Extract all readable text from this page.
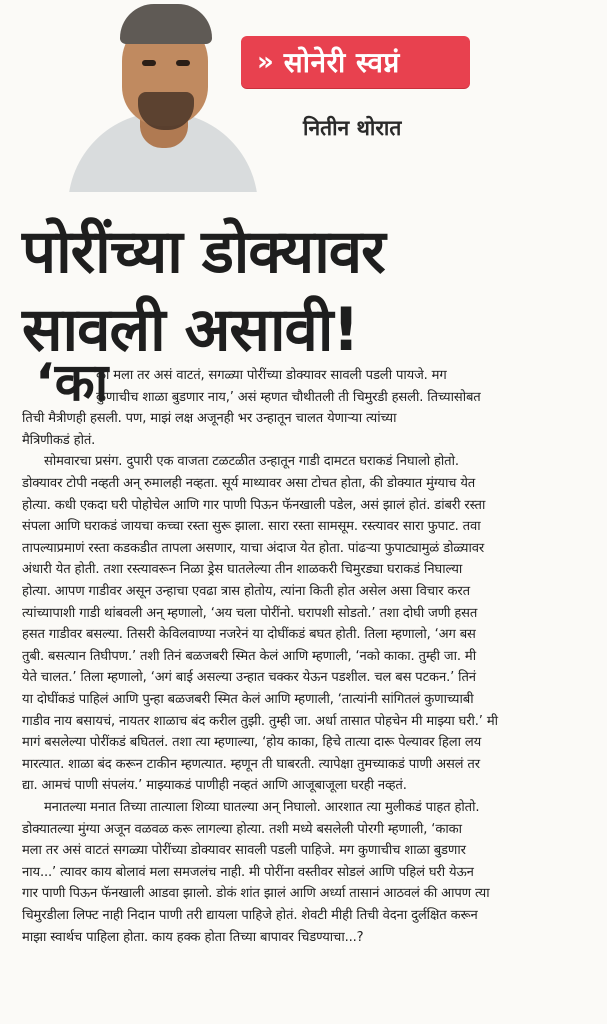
» सोनेरी स्वप्नं
नितीन थोरात
पोरींच्या डोक्यावर
सावली असावी!
‘का
का मला तर असं वाटतं, सगळ्या पोरींच्या डोक्यावर सावली पडली पायजे. मग
कुणाचीच शाळा बुडणार नाय,’ असं म्हणत चौथीतली ती चिमुरडी हसली. तिच्यासोबत
तिची मैत्रीणही हसली. पण, माझं लक्ष अजूनही भर उन्हातून चालत येणाऱ्या त्यांच्या
मैत्रिणीकडं होतं.
सोमवारचा प्रसंग. दुपारी एक वाजता टळटळीत उन्हातून गाडी दामटत घराकडं निघालो होतो.
डोक्यावर टोपी नव्हती अन् रुमालही नव्हता. सूर्य माथ्यावर असा टोचत होता, की डोक्यात मुंग्याच येत
होत्या. कधी एकदा घरी पोहोचेल आणि गार पाणी पिऊन फॅनखाली पडेल, असं झालं होतं. डांबरी रस्ता
संपला आणि घराकडं जायचा कच्चा रस्ता सुरू झाला. सारा रस्ता सामसूम. रस्त्यावर सारा फुपाट. तवा
तापल्याप्रमाणं रस्ता कडकडीत तापला असणार, याचा अंदाज येत होता. पांढऱ्या फुपाट्यामुळं डोळ्यावर
अंधारी येत होती. तशा रस्त्यावरून निळा ड्रेस घातलेल्या तीन शाळकरी चिमुरड्या घराकडं निघाल्या
होत्या. आपण गाडीवर असून उन्हाचा एवढा त्रास होतोय, त्यांना किती होत असेल असा विचार करत
त्यांच्यापाशी गाडी थांबवली अन् म्हणालो, ‘अय चला पोरींनो. घरापशी सोडतो.’ तशा दोघी जणी हसत
हसत गाडीवर बसल्या. तिसरी केविलवाण्या नजरेनं या दोघींकडं बघत होती. तिला म्हणालो, ‘अग बस
तुबी. बसत्यान तिघीपण.’ तशी तिनं बळजबरी स्मित केलं आणि म्हणाली, ‘नको काका. तुम्ही जा. मी
येते चालत.’ तिला म्हणालो, ‘अगं बाई असल्या उन्हात चक्कर येऊन पडशील. चल बस पटकन.’ तिनं
या दोघींकडं पाहिलं आणि पुन्हा बळजबरी स्मित केलं आणि म्हणाली, ‘तात्यांनी सांगितलं कुणाच्याबी
गाडीव नाय बसायचं, नायतर शाळाच बंद करील तुझी. तुम्ही जा. अर्धा तासात पोहचेन मी माझ्या घरी.’ मी
मागं बसलेल्या पोरींकडं बघितलं. तशा त्या म्हणाल्या, ‘होय काका, हिचे तात्या दारू पेल्यावर हिला लय
मारत्यात. शाळा बंद करून टाकीन म्हणत्यात. म्हणून ती घाबरती. त्यापेक्षा तुमच्याकडं पाणी असलं तर
द्या. आमचं पाणी संपलंय.’ माझ्याकडं पाणीही नव्हतं आणि आजूबाजूला घरही नव्हतं.
मनातल्या मनात तिच्या तात्याला शिव्या घातल्या अन् निघालो. आरशात त्या मुलीकडं पाहत होतो.
डोक्यातल्या मुंग्या अजून वळवळ करू लागल्या होत्या. तशी मध्ये बसलेली पोरगी म्हणाली, ‘काका
मला तर असं वाटतं सगळ्या पोरींच्या डोक्यावर सावली पडली पाहिजे. मग कुणाचीच शाळा बुडणार
नाय...’ त्यावर काय बोलावं मला समजलंच नाही. मी पोरींना वस्तीवर सोडलं आणि पहिलं घरी येऊन
गार पाणी पिऊन फॅनखाली आडवा झालो. डोकं शांत झालं आणि अर्ध्या तासानं आठवलं की आपण त्या
चिमुरडीला लिफ्ट नाही निदान पाणी तरी द्यायला पाहिजे होतं. शेवटी मीही तिची वेदना दुर्लक्षित करून
माझा स्वार्थच पाहिला होता. काय हक्क होता तिच्या बापावर चिडण्याचा...?
